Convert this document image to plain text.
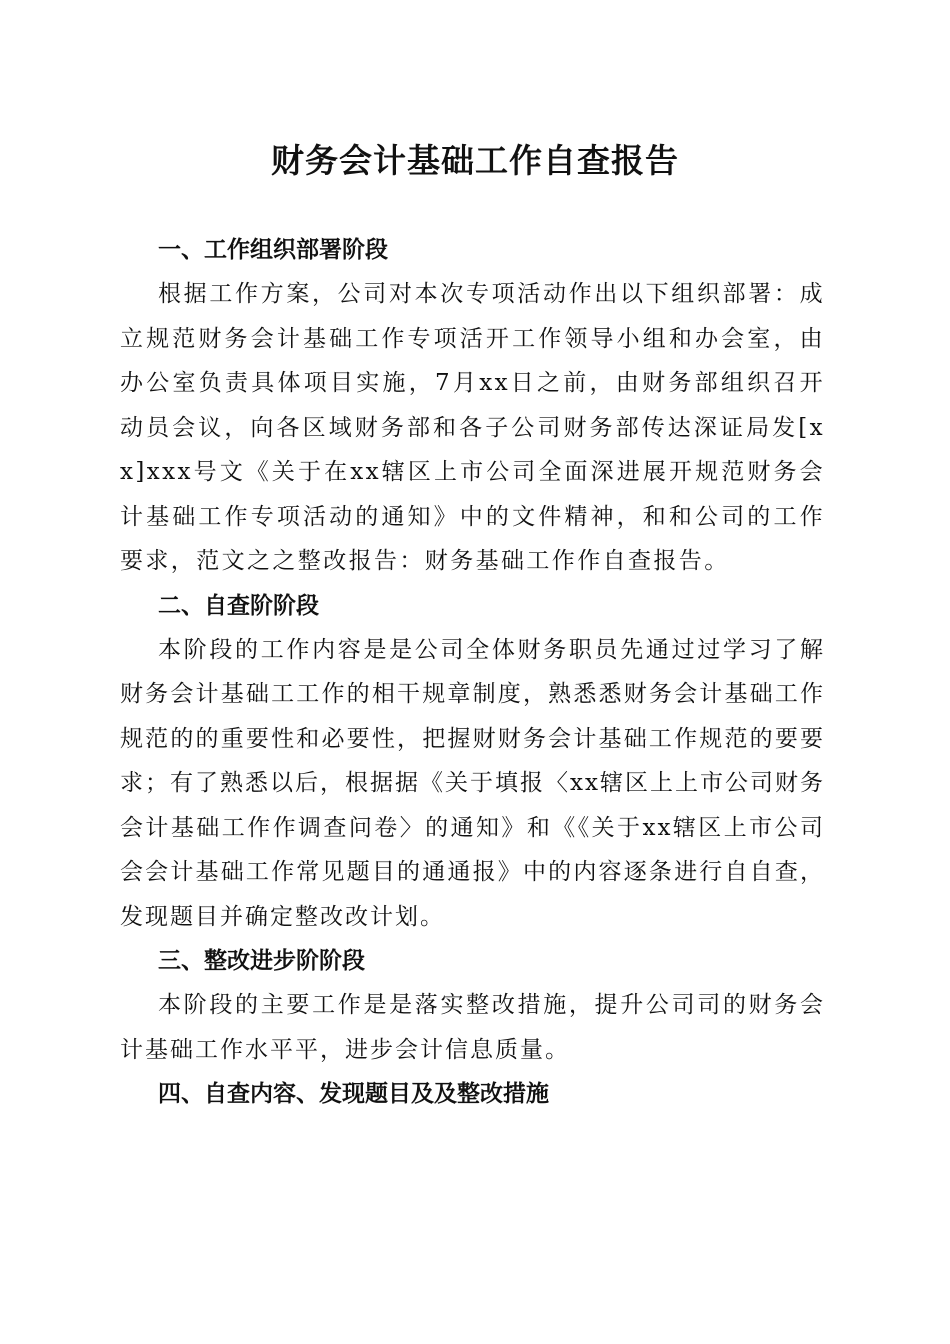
财务会计基础工作自查报告
一、工作组织部署阶段

根据工作方案，公司对本次专项活动作出以下组织部署：成立规范财务会计基础工作专项活开工作领导小组和办会室，由办公室负责具体项目实施，7月xx日之前，由财务部组织召开动员会议，向各区域财务部和各子公司财务部传达深证局发[xx]xxx号文《关于在xx辖区上市公司全面深进展开规范财务会计基础工作专项活动的通知》中的文件精神，和和公司的工作要求，范文之之整改报告：财务基础工作作自查报告。

二、自查阶阶段

本阶段的工作内容是是公司全体财务职员先通过过学习了解财务会计基础工工作的相干规章制度，熟悉悉财务会计基础工作规范的的重要性和必要性，把握财财务会计基础工作规范的要要求；有了熟悉以后，根据据《关于填报〈xx辖区上上市公司财务会计基础工作作调查问卷〉的通知》和《《关于xx辖区上市公司会会计基础工作常见题目的通通报》中的内容逐条进行自自查，发现题目并确定整改改计划。

三、整改进步阶阶段

本阶段的主要工作是是落实整改措施，提升公司司的财务会计基础工作水平平，进步会计信息质量。

四、自查内容、发现题目及及整改措施
